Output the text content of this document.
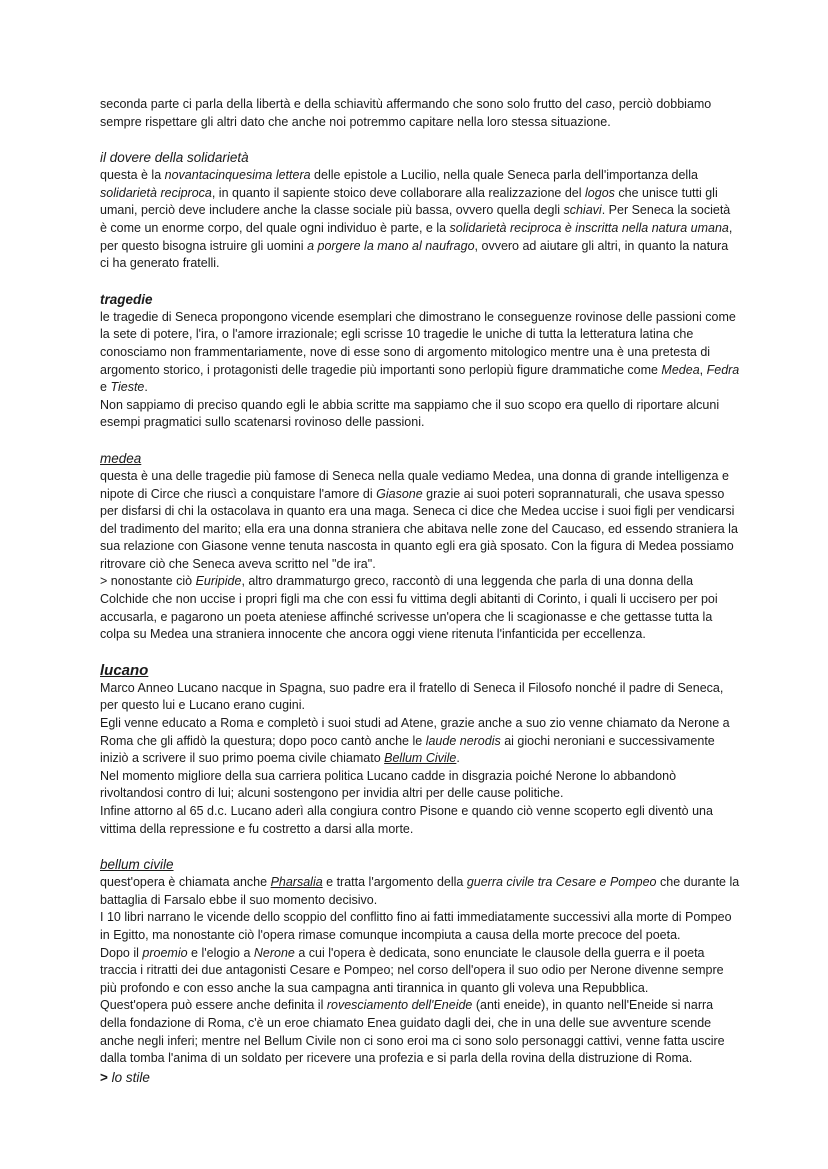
seconda parte ci parla della libertà e della schiavitù affermando che sono solo frutto del caso, perciò dobbiamo sempre rispettare gli altri dato che anche noi potremmo capitare nella loro stessa situazione.

il dovere della solidarietà

questa è la novantacinquesima lettera delle epistole a Lucilio, nella quale Seneca parla dell'importanza della solidarietà reciproca, in quanto il sapiente stoico deve collaborare alla realizzazione del logos che unisce tutti gli umani, perciò deve includere anche la classe sociale più bassa, ovvero quella degli schiavi. Per Seneca la società è come un enorme corpo, del quale ogni individuo è parte, e la solidarietà reciproca è inscritta nella natura umana, per questo bisogna istruire gli uomini a porgere la mano al naufrago, ovvero ad aiutare gli altri, in quanto la natura ci ha generato fratelli.

tragedie

le tragedie di Seneca propongono vicende esemplari che dimostrano le conseguenze rovinose delle passioni come la sete di potere, l'ira, o l'amore irrazionale; egli scrisse 10 tragedie le uniche di tutta la letteratura latina che conosciamo non frammentariamente, nove di esse sono di argomento mitologico mentre una è una pretesta di argomento storico, i protagonisti delle tragedie più importanti sono perlopiù figure drammatiche come Medea, Fedra e Tieste.

Non sappiamo di preciso quando egli le abbia scritte ma sappiamo che il suo scopo era quello di riportare alcuni esempi pragmatici sullo scatenarsi rovinoso delle passioni.

medea

questa è una delle tragedie più famose di Seneca nella quale vediamo Medea, una donna di grande intelligenza e nipote di Circe che riuscì a conquistare l'amore di Giasone grazie ai suoi poteri soprannaturali, che usava spesso per disfarsi di chi la ostacolava in quanto era una maga. Seneca ci dice che Medea uccise i suoi figli per vendicarsi del tradimento del marito; ella era una donna straniera che abitava nelle zone del Caucaso, ed essendo straniera la sua relazione con Giasone venne tenuta nascosta in quanto egli era già sposato. Con la figura di Medea possiamo ritrovare ciò che Seneca aveva scritto nel "de ira".

> nonostante ciò Euripide, altro drammaturgo greco, raccontò di una leggenda che parla di una donna della Colchide che non uccise i propri figli ma che con essi fu vittima degli abitanti di Corinto, i quali li uccisero per poi accusarla, e pagarono un poeta ateniese affinché scrivesse un'opera che li scagionasse e che gettasse tutta la colpa su Medea una straniera innocente che ancora oggi viene ritenuta l'infanticida per eccellenza.

lucano

Marco Anneo Lucano nacque in Spagna, suo padre era il fratello di Seneca il Filosofo nonché il padre di Seneca, per questo lui e Lucano erano cugini.

Egli venne educato a Roma e completò i suoi studi ad Atene, grazie anche a suo zio venne chiamato da Nerone a Roma che gli affidò la questura; dopo poco cantò anche le laude nerodis ai giochi neroniani e successivamente iniziò a scrivere il suo primo poema civile chiamato Bellum Civile.

Nel momento migliore della sua carriera politica Lucano cadde in disgrazia poiché Nerone lo abbandonò rivoltandosi contro di lui; alcuni sostengono per invidia altri per delle cause politiche.

Infine attorno al 65 d.c. Lucano aderì alla congiura contro Pisone e quando ciò venne scoperto egli diventò una vittima della repressione e fu costretto a darsi alla morte.

bellum civile

quest'opera è chiamata anche Pharsalia e tratta l'argomento della guerra civile tra Cesare e Pompeo che durante la battaglia di Farsalo ebbe il suo momento decisivo.

I 10 libri narrano le vicende dello scoppio del conflitto fino ai fatti immediatamente successivi alla morte di Pompeo in Egitto, ma nonostante ciò l'opera rimase comunque incompiuta a causa della morte precoce del poeta.

Dopo il proemio e l'elogio a Nerone a cui l'opera è dedicata, sono enunciate le clausole della guerra e il poeta traccia i ritratti dei due antagonisti Cesare e Pompeo; nel corso dell'opera il suo odio per Nerone divenne sempre più profondo e con esso anche la sua campagna anti tirannica in quanto gli voleva una Repubblica.

Quest'opera può essere anche definita il rovesciamento dell'Eneide (anti eneide), in quanto nell'Eneide si narra della fondazione di Roma, c'è un eroe chiamato Enea guidato dagli dei, che in una delle sue avventure scende anche negli inferi; mentre nel Bellum Civile non ci sono eroi ma ci sono solo personaggi cattivi, venne fatta uscire dalla tomba l'anima di un soldato per ricevere una profezia e si parla della rovina della distruzione di Roma.

> lo stile
